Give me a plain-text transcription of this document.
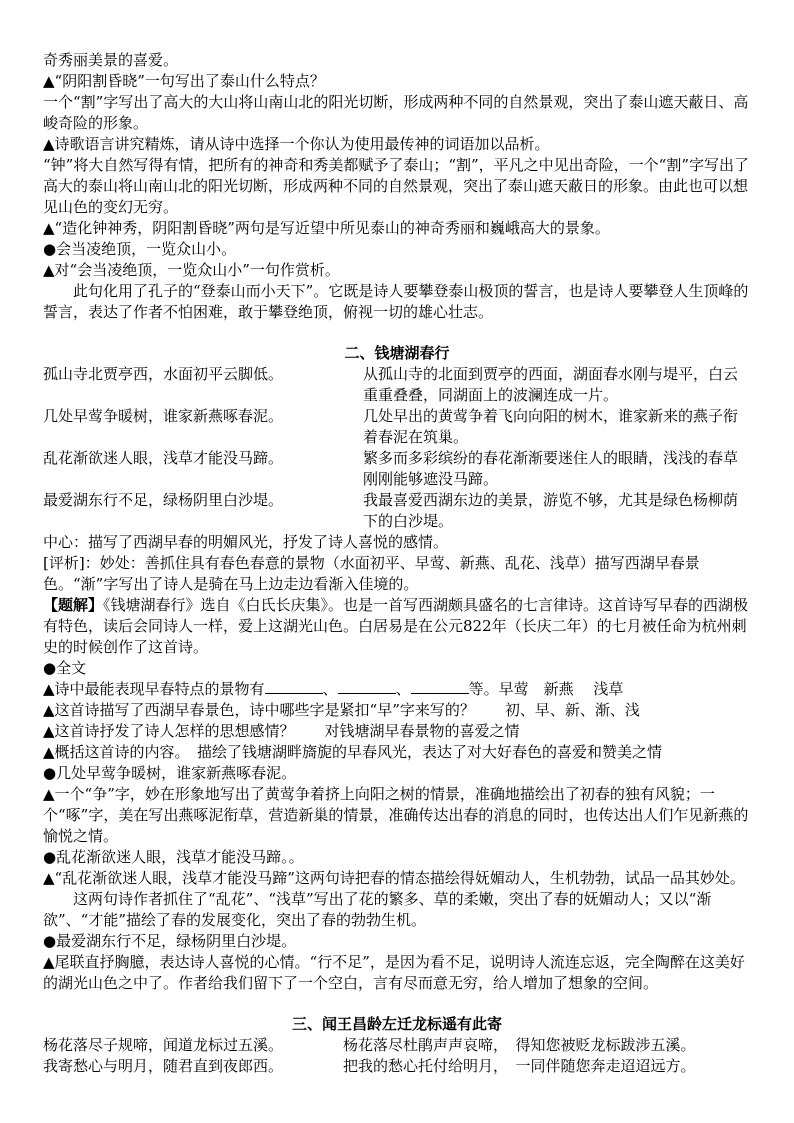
奇秀丽美景的喜爱。

▲“阴阳割昏晓”一句写出了泰山什么特点？

一个“割”字写出了高大的大山将山南山北的阳光切断，形成两种不同的自然景观，突出了泰山遮天蔽日、高峻奇险的形象。

▲诗歌语言讲究精炼，请从诗中选择一个你认为使用最传神的词语加以品析。

“钟”将大自然写得有情，把所有的神奇和秀美都赋予了泰山；“割”，平凡之中见出奇险，一个“割”字写出了高大的泰山将山南山北的阳光切断，形成两种不同的自然景观，突出了泰山遮天蔽日的形象。由此也可以想见山色的变幻无穷。

▲“造化钟神秀，阴阳割昏晓”两句是写近望中所见泰山的神奇秀丽和巍峨高大的景象。

●会当凌绝顶，一览众山小。

▲对“会当凌绝顶，一览众山小”一句作赏析。

此句化用了孔子的“登泰山而小天下”。它既是诗人要攀登泰山极顶的誓言，也是诗人要攀登人生顶峰的誓言，表达了作者不怕困难，敢于攀登绝顶，俯视一切的雄心壮志。

二、钱塘湖春行

孤山寺北贾亭西，水面初平云脚低。	从孤山寺的北面到贾亭的西面，湖面春水刚与堤平，白云重重叠叠，同湖面上的波澜连成一片。
几处早莺争暖树，谁家新燕啄春泥。	几处早出的黄莺争着飞向向阳的树木，谁家新来的燕子衔着春泥在筑巢。
乱花渐欲迷人眼，浅草才能没马蹄。	繁多而多彩缤纷的春花渐渐要迷住人的眼睛，浅浅的春草刚刚能够遮没马蹄。
最爱湖东行不足，绿杨阴里白沙堤。	我最喜爱西湖东边的美景，游览不够，尤其是绿色杨柳荫下的白沙堤。

中心：描写了西湖早春的明媚风光，抒发了诗人喜悦的感情。

[评析]：妙处：善抓住具有春色春意的景物（水面初平、早莺、新燕、乱花、浅草）描写西湖早春景色。“渐”字写出了诗人是骑在马上边走边看渐入佳境的。

【题解】《钱塘湖春行》选自《白氏长庆集》。也是一首写西湖颇具盛名的七言律诗。这首诗写早春的西湖极有特色，读后会同诗人一样，爱上这湖光山色。白居易是在公元822年（长庆二年）的七月被任命为杭州刺史的时候创作了这首诗。

●全文

▲诗中最能表现早春特点的景物有	、	、	等。早莺　新燕　 浅草

▲这首诗描写了西湖早春景色，诗中哪些字是紧扣“早”字来写的？　　初、早、新、渐、浅

▲这首诗抒发了诗人怎样的思想感情？　　对钱塘湖早春景物的喜爱之情

▲概括这首诗的内容。　描绘了钱塘湖畔旖旎的早春风光，表达了对大好春色的喜爱和赞美之情

●几处早莺争暖树，谁家新燕啄春泥。

▲一个“争”字，妙在形象地写出了黄莺争着挤上向阳之树的情景，准确地描绘出了初春的独有风貌；一个“啄”字，美在写出燕啄泥衔草，营造新巢的情景，准确传达出春的消息的同时，也传达出人们乍见新燕的愉悦之情。

●乱花渐欲迷人眼，浅草才能没马蹄。。

▲“乱花渐欲迷人眼，浅草才能没马蹄”这两句诗把春的情态描绘得妩媚动人，生机勃勃，试品一品其妙处。

这两句诗作者抓住了“乱花”、“浅草”写出了花的繁多、草的柔嫩，突出了春的妩媚动人；又以“渐欲”、“才能”描绘了春的发展变化，突出了春的勃勃生机。

●最爱湖东行不足，绿杨阴里白沙堤。

▲尾联直抒胸臆，表达诗人喜悦的心情。“行不足”，是因为看不足，说明诗人流连忘返，完全陶醉在这美好的湖光山色之中了。作者给我们留下了一个空白，言有尽而意无穷，给人增加了想象的空间。

三、闻王昌龄左迁龙标遥有此寄

杨花落尽子规啼，闻道龙标过五溪。	杨花落尽杜鹃声声哀啼，　得知您被贬龙标跋涉五溪。
我寄愁心与明月，随君直到夜郎西。	把我的愁心托付给明月，　一同伴随您奔走迢迢远方。
